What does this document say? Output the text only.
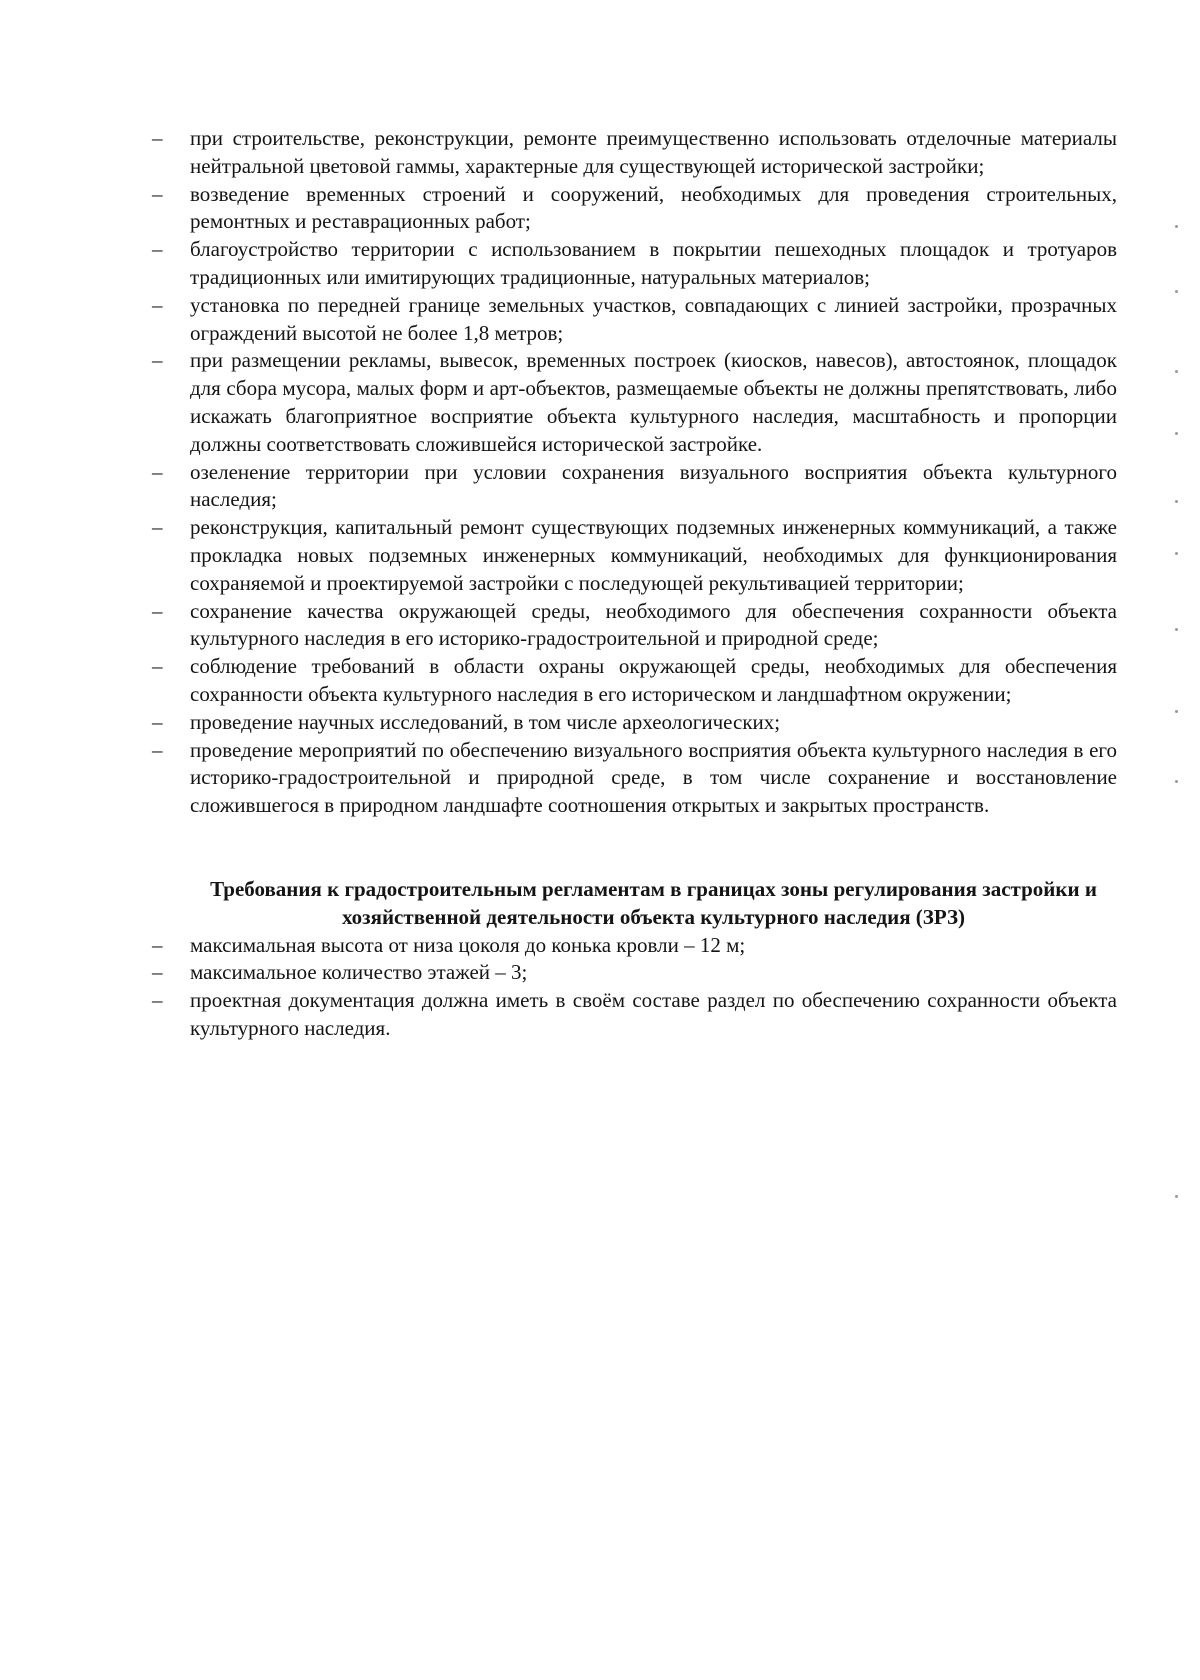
–	при строительстве, реконструкции, ремонте преимущественно использовать отделочные материалы нейтральной цветовой гаммы, характерные для существующей исторической застройки;
–	возведение временных строений и сооружений, необходимых для проведения строительных, ремонтных и реставрационных работ;
–	благоустройство территории с использованием в покрытии пешеходных площадок и тротуаров традиционных или имитирующих традиционные, натуральных материалов;
–	установка по передней границе земельных участков, совпадающих с линией застройки, прозрачных ограждений высотой не более 1,8 метров;
–	при размещении рекламы, вывесок, временных построек (киосков, навесов), автостоянок, площадок для сбора мусора, малых форм и арт-объектов, размещаемые объекты не должны препятствовать, либо искажать благоприятное восприятие объекта культурного наследия, масштабность и пропорции должны соответствовать сложившейся исторической застройке.
–	озеленение территории при условии сохранения визуального восприятия объекта культурного наследия;
–	реконструкция, капитальный ремонт существующих подземных инженерных коммуникаций, а также прокладка новых подземных инженерных коммуникаций, необходимых для функционирования сохраняемой и проектируемой застройки с последующей рекультивацией территории;
–	сохранение качества окружающей среды, необходимого для обеспечения сохранности объекта культурного наследия в его историко-градостроительной и природной среде;
–	соблюдение требований в области охраны окружающей среды, необходимых для обеспечения сохранности объекта культурного наследия в его историческом и ландшафтном окружении;
–	проведение научных исследований, в том числе археологических;
–	проведение мероприятий по обеспечению визуального восприятия объекта культурного наследия в его историко-градостроительной и природной среде, в том числе сохранение и восстановление сложившегося в природном ландшафте соотношения открытых и закрытых пространств.
Требования к градостроительным регламентам в границах зоны регулирования застройки и хозяйственной деятельности объекта культурного наследия (ЗРЗ)
–	максимальная высота от низа цоколя до конька кровли – 12 м;
–	максимальное количество этажей – 3;
–	проектная документация должна иметь в своём составе раздел по обеспечению сохранности объекта культурного наследия.
